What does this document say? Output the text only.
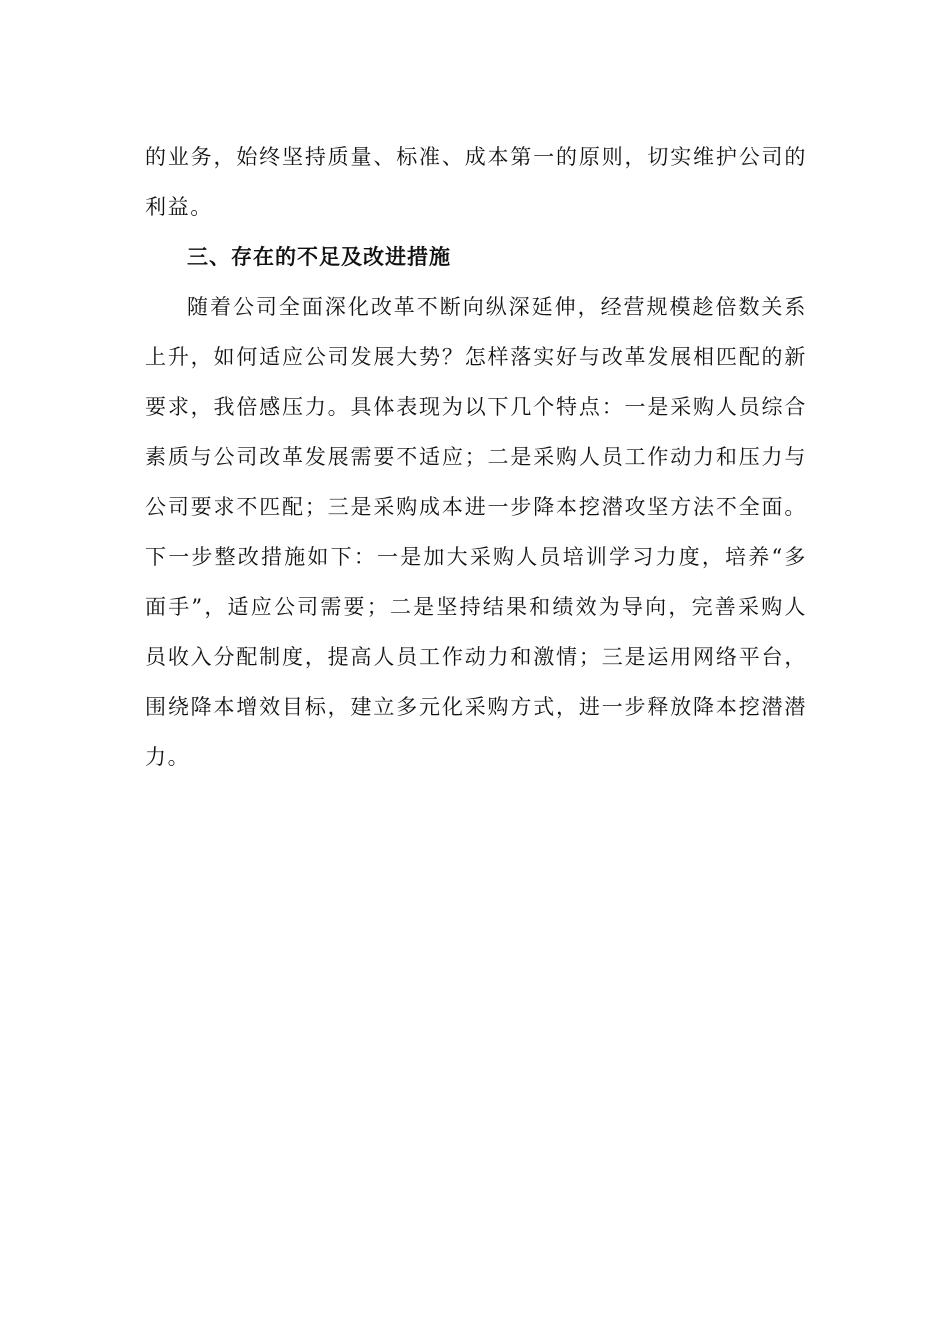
的业务，始终坚持质量、标准、成本第一的原则，切实维护公司的利益。

三、存在的不足及改进措施

随着公司全面深化改革不断向纵深延伸，经营规模趁倍数关系上升，如何适应公司发展大势？怎样落实好与改革发展相匹配的新要求，我倍感压力。具体表现为以下几个特点：一是采购人员综合素质与公司改革发展需要不适应；二是采购人员工作动力和压力与公司要求不匹配；三是采购成本进一步降本挖潜攻坚方法不全面。下一步整改措施如下：一是加大采购人员培训学习力度，培养“多面手”，适应公司需要；二是坚持结果和绩效为导向，完善采购人员收入分配制度，提高人员工作动力和激情；三是运用网络平台，围绕降本增效目标，建立多元化采购方式，进一步释放降本挖潜潜力。
